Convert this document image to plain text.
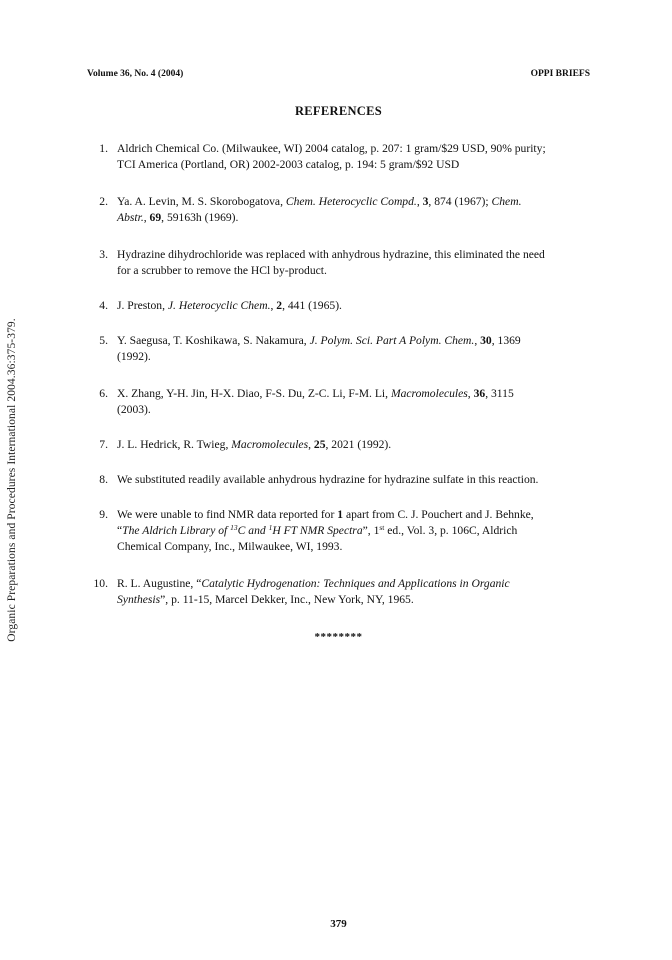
Organic Preparations and Procedures International 2004.36:375-379.
Volume 36, No. 4 (2004)	OPPI BRIEFS
REFERENCES
1. Aldrich Chemical Co. (Milwaukee, WI) 2004 catalog, p. 207: 1 gram/$29 USD, 90% purity;
TCI America (Portland, OR) 2002-2003 catalog, p. 194: 5 gram/$92 USD
2. Ya. A. Levin, M. S. Skorobogatova, Chem. Heterocyclic Compd., 3, 874 (1967); Chem.
Abstr., 69, 59163h (1969).
3. Hydrazine dihydrochloride was replaced with anhydrous hydrazine, this eliminated the need
for a scrubber to remove the HCl by-product.
4. J. Preston, J. Heterocyclic Chem., 2, 441 (1965).
5. Y. Saegusa, T. Koshikawa, S. Nakamura, J. Polym. Sci. Part A Polym. Chem., 30, 1369
(1992).
6. X. Zhang, Y-H. Jin, H-X. Diao, F-S. Du, Z-C. Li, F-M. Li, Macromolecules, 36, 3115
(2003).
7. J. L. Hedrick, R. Twieg, Macromolecules, 25, 2021 (1992).
8. We substituted readily available anhydrous hydrazine for hydrazine sulfate in this reaction.
9. We were unable to find NMR data reported for 1 apart from C. J. Pouchert and J. Behnke,
“The Aldrich Library of $^{13}$C and $^1$H FT NMR Spectra”, 1st ed., Vol. 3, p. 106C, Aldrich
Chemical Company, Inc., Milwaukee, WI, 1993.
10. R. L. Augustine, “Catalytic Hydrogenation: Techniques and Applications in Organic
Synthesis”, p. 11-15, Marcel Dekker, Inc., New York, NY, 1965.
********
379
